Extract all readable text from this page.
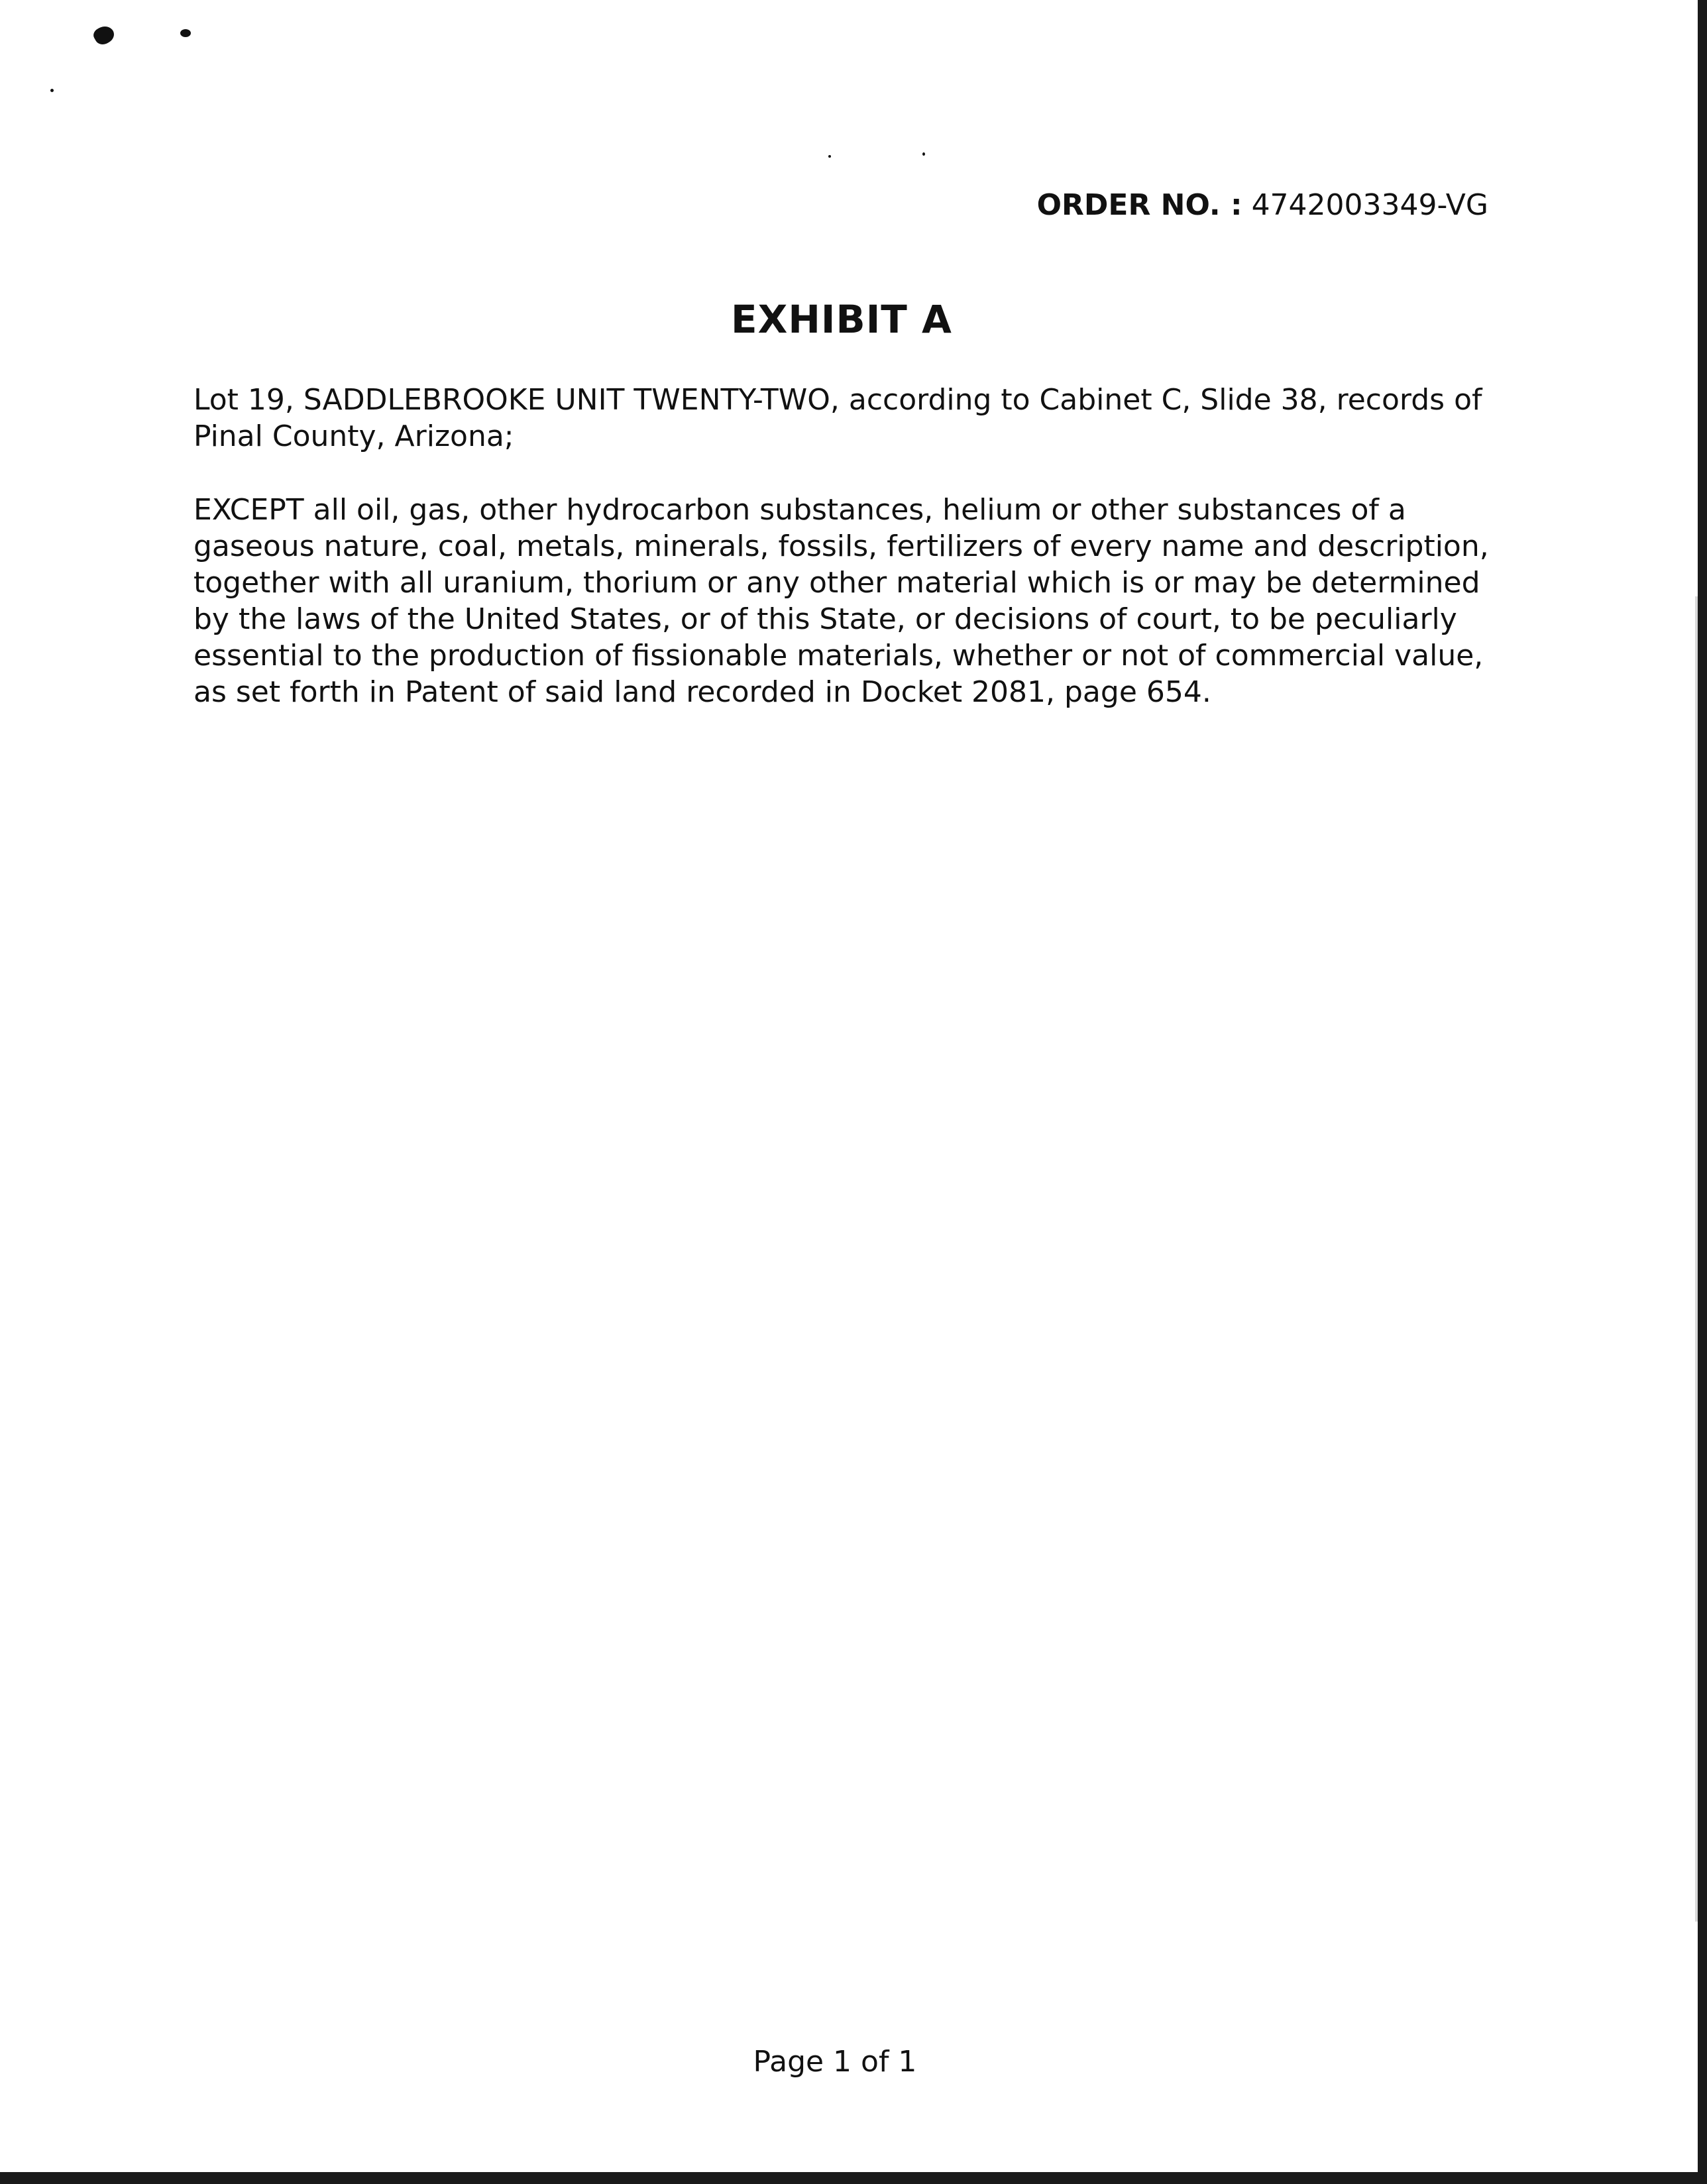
ORDER NO. : 4742003349-VG
EXHIBIT A

Lot 19, SADDLEBROOKE UNIT TWENTY-TWO, according to Cabinet C, Slide 38, records of Pinal County, Arizona;

EXCEPT all oil, gas, other hydrocarbon substances, helium or other substances of a gaseous nature, coal, metals, minerals, fossils, fertilizers of every name and description, together with all uranium, thorium or any other material which is or may be determined by the laws of the United States, or of this State, or decisions of court, to be peculiarly essential to the production of fissionable materials, whether or not of commercial value, as set forth in Patent of said land recorded in Docket 2081, page 654.

Page 1 of 1
